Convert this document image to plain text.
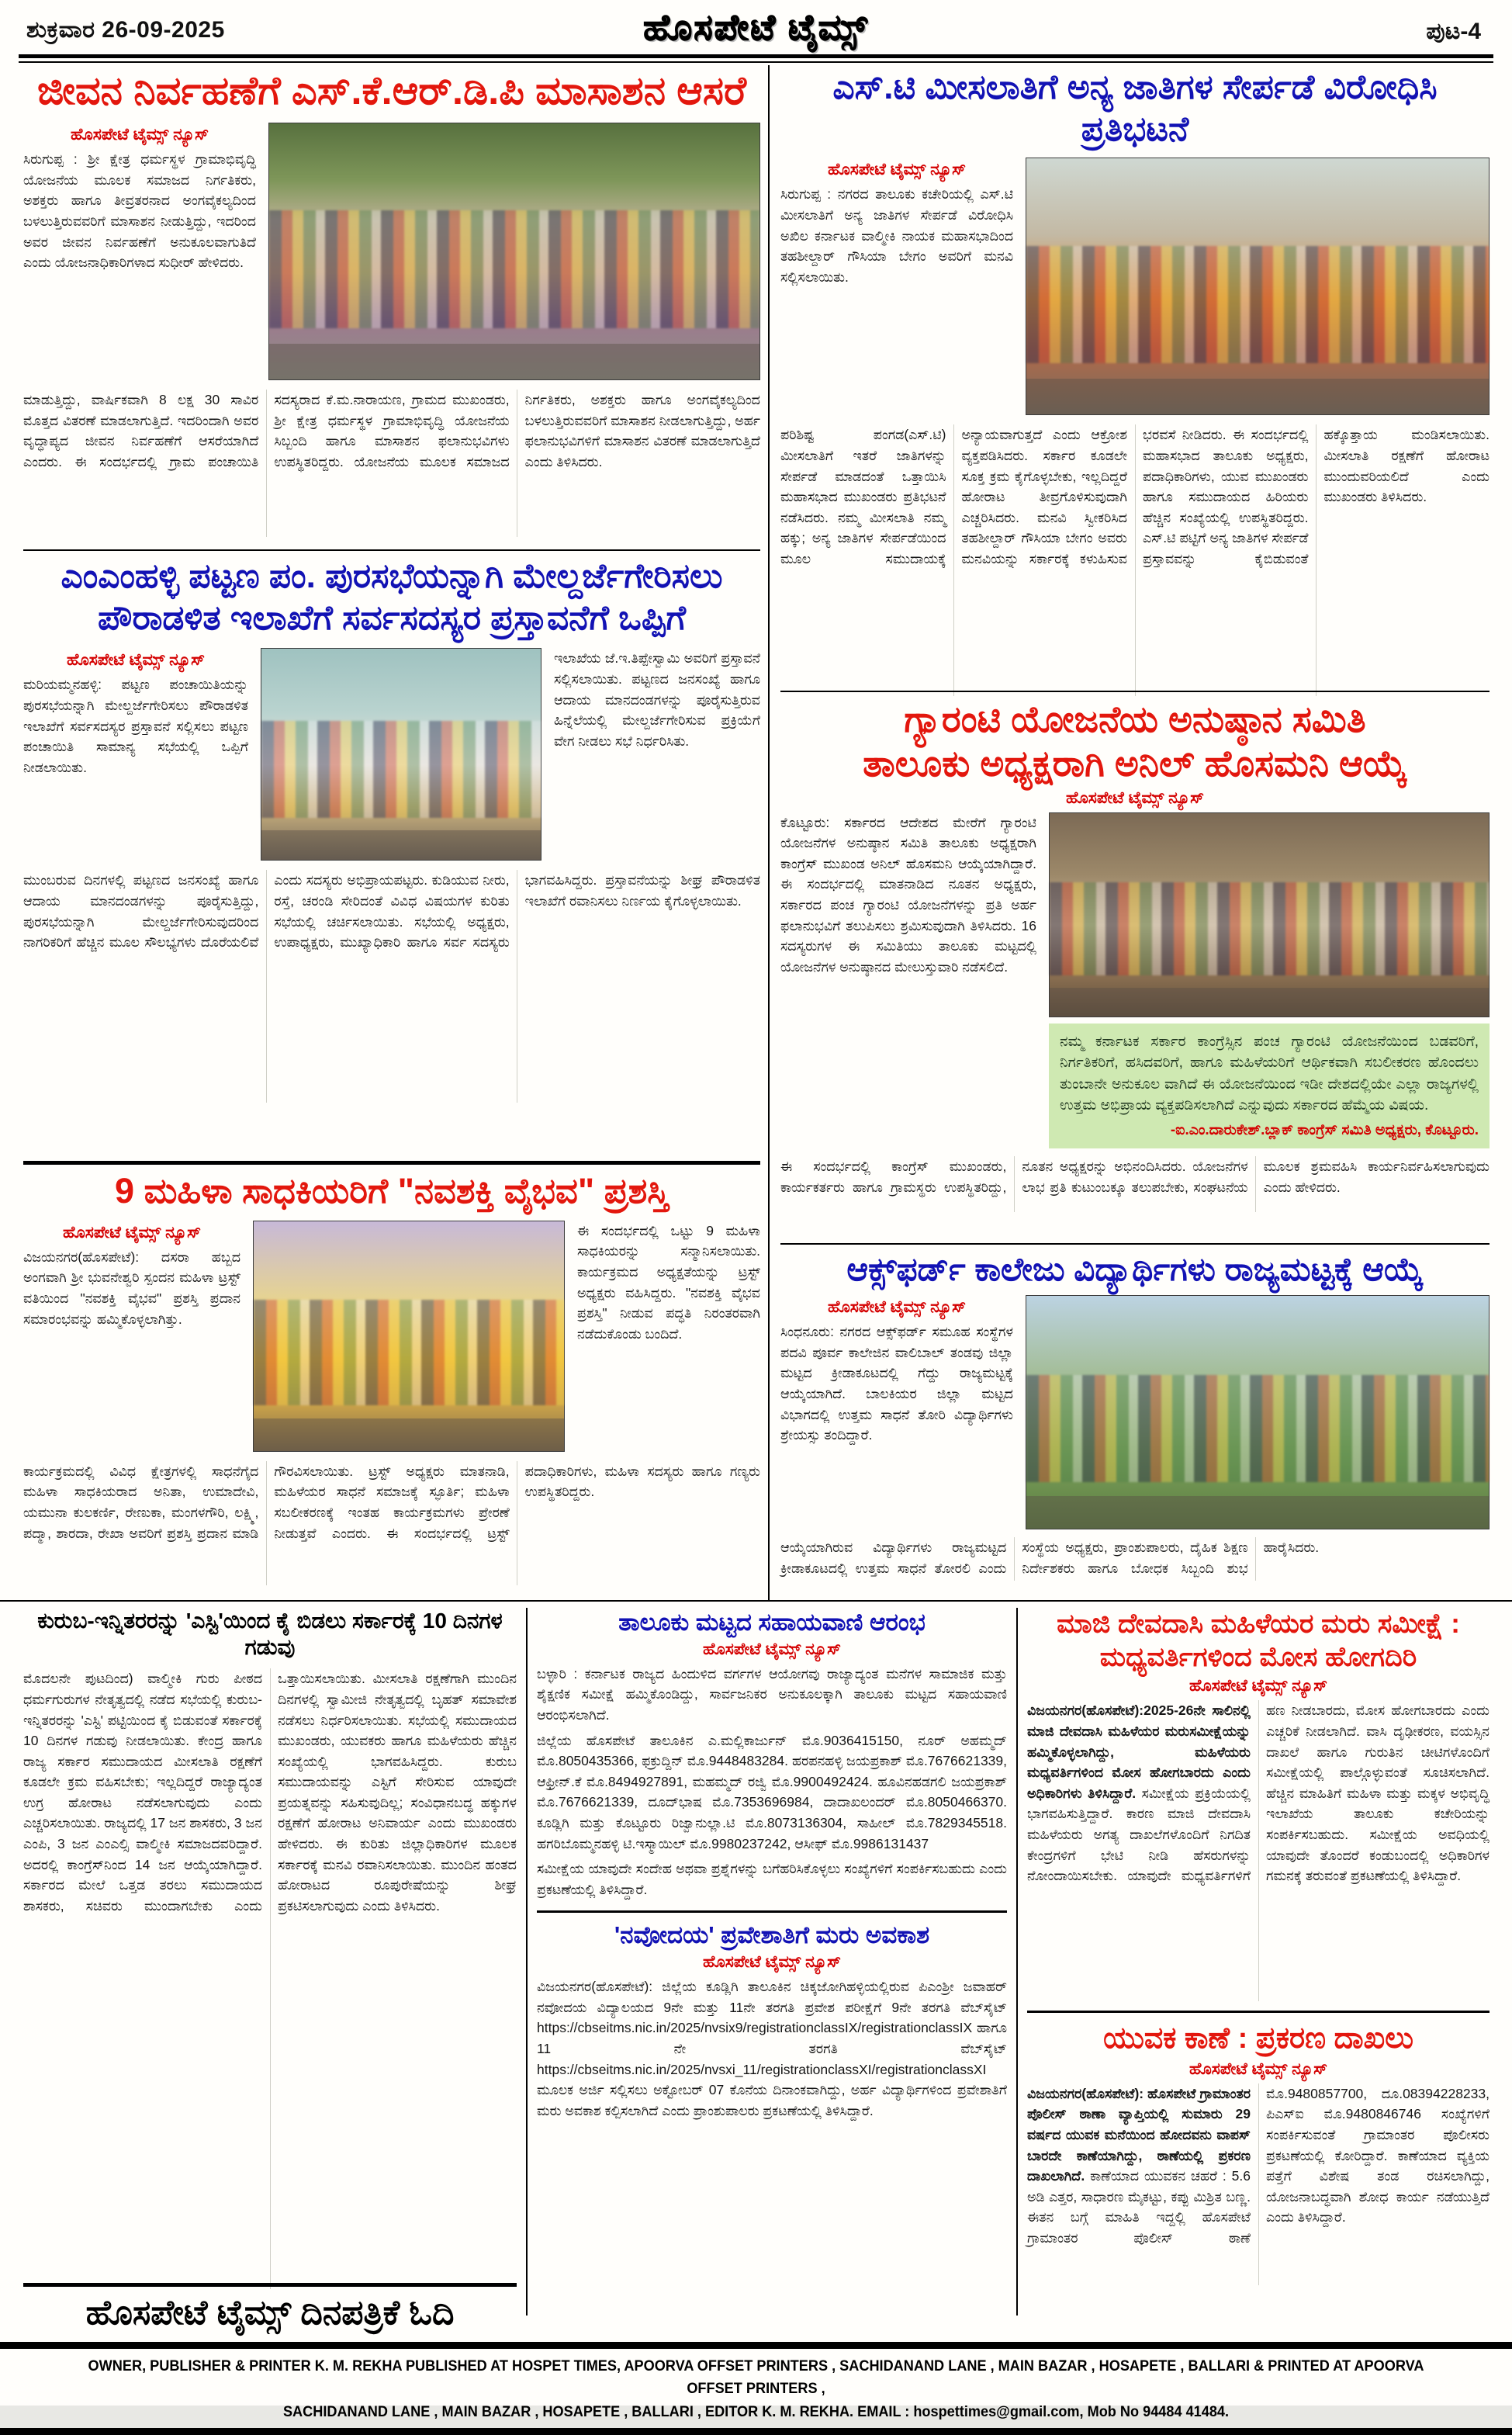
ಶುಕ್ರವಾರ 26-09-2025	ಹೊಸಪೇಟೆ ಟೈಮ್ಸ್	ಪುಟ-4
ಜೀವನ ನಿರ್ವಹಣೆಗೆ ಎಸ್.ಕೆ.ಆರ್.ಡಿ.ಪಿ ಮಾಸಾಶನ ಆಸರೆ
ಹೊಸಪೇಟೆ ಟೈಮ್ಸ್ ನ್ಯೂಸ್
ಸಿರುಗುಪ್ಪ : ಶ್ರೀ ಕ್ಷೇತ್ರ ಧರ್ಮಸ್ಥಳ ಗ್ರಾಮಾಭಿವೃದ್ಧಿ ಯೋಜನೆಯ ಮೂಲಕ ಸಮಾಜದ ನಿರ್ಗತಿಕರು, ಅಶಕ್ತರು ಹಾಗೂ ತೀವ್ರತರನಾದ ಅಂಗವೈಕಲ್ಯದಿಂದ ಬಳಲುತ್ತಿರುವವರಿಗೆ ಮಾಸಾಶನ ನೀಡುತ್ತಿದ್ದು, ಇದರಿಂದ ಅವರ ಜೀವನ ನಿರ್ವಹಣೆಗೆ ಅನುಕೂಲವಾಗುತಿದೆ ಎಂದು ಯೋಜನಾಧಿಕಾರಿಗಳಾದ ಸುಧೀರ್ ಹೇಳಿದರು.
ಮಾಡುತ್ತಿದ್ದು, ವಾರ್ಷಿಕವಾಗಿ 8 ಲಕ್ಷ 30 ಸಾವಿರ ಮೊತ್ತದ ವಿತರಣೆ ಮಾಡಲಾಗುತ್ತಿದೆ. ಇದರಿಂದಾಗಿ ಅವರ ವೃದ್ಧಾಪ್ಯದ ಜೀವನ ನಿರ್ವಹಣೆಗೆ ಆಸರೆಯಾಗಿದೆ ಎಂದರು. ಈ ಸಂದರ್ಭದಲ್ಲಿ ಗ್ರಾಮ ಪಂಚಾಯಿತಿ ಸದಸ್ಯರಾದ ಕೆ.ಮ.ನಾರಾಯಣ, ಗ್ರಾಮದ ಮುಖಂಡರು, ಶ್ರೀ ಕ್ಷೇತ್ರ ಧರ್ಮಸ್ಥಳ ಗ್ರಾಮಾಭಿವೃದ್ಧಿ ಯೋಜನೆಯ ಸಿಬ್ಬಂದಿ ಹಾಗೂ ಮಾಸಾಶನ ಫಲಾನುಭವಿಗಳು ಉಪಸ್ಥಿತರಿದ್ದರು. ಯೋಜನೆಯ ಮೂಲಕ ಸಮಾಜದ ನಿರ್ಗತಿಕರು, ಅಶಕ್ತರು ಹಾಗೂ ಅಂಗವೈಕಲ್ಯದಿಂದ ಬಳಲುತ್ತಿರುವವರಿಗೆ ಮಾಸಾಶನ ನೀಡಲಾಗುತ್ತಿದ್ದು, ಅರ್ಹ ಫಲಾನುಭವಿಗಳಿಗೆ ಮಾಸಾಶನ ವಿತರಣೆ ಮಾಡಲಾಗುತ್ತಿದೆ ಎಂದು ತಿಳಿಸಿದರು.
ಎಸ್.ಟಿ ಮೀಸಲಾತಿಗೆ ಅನ್ಯ ಜಾತಿಗಳ ಸೇರ್ಪಡೆ ವಿರೋಧಿಸಿ ಪ್ರತಿಭಟನೆ
ಹೊಸಪೇಟೆ ಟೈಮ್ಸ್ ನ್ಯೂಸ್
ಸಿರುಗುಪ್ಪ : ನಗರದ ತಾಲೂಕು ಕಚೇರಿಯಲ್ಲಿ ಎಸ್.ಟಿ ಮೀಸಲಾತಿಗೆ ಅನ್ಯ ಜಾತಿಗಳ ಸೇರ್ಪಡೆ ವಿರೋಧಿಸಿ ಅಖಿಲ ಕರ್ನಾಟಕ ವಾಲ್ಮೀಕಿ ನಾಯಕ ಮಹಾಸಭಾದಿಂದ ತಹಶೀಲ್ದಾರ್ ಗೌಸಿಯಾ ಬೇಗಂ ಅವರಿಗೆ ಮನವಿ ಸಲ್ಲಿಸಲಾಯಿತು.
ಪರಿಶಿಷ್ಟ ಪಂಗಡ(ಎಸ್.ಟಿ) ಮೀಸಲಾತಿಗೆ ಇತರೆ ಜಾತಿಗಳನ್ನು ಸೇರ್ಪಡೆ ಮಾಡದಂತೆ ಒತ್ತಾಯಿಸಿ ಮಹಾಸಭಾದ ಮುಖಂಡರು ಪ್ರತಿಭಟನೆ ನಡೆಸಿದರು. ನಮ್ಮ ಮೀಸಲಾತಿ ನಮ್ಮ ಹಕ್ಕು; ಅನ್ಯ ಜಾತಿಗಳ ಸೇರ್ಪಡೆಯಿಂದ ಮೂಲ ಸಮುದಾಯಕ್ಕೆ ಅನ್ಯಾಯವಾಗುತ್ತದೆ ಎಂದು ಆಕ್ರೋಶ ವ್ಯಕ್ತಪಡಿಸಿದರು. ಸರ್ಕಾರ ಕೂಡಲೇ ಸೂಕ್ತ ಕ್ರಮ ಕೈಗೊಳ್ಳಬೇಕು, ಇಲ್ಲದಿದ್ದರೆ ಹೋರಾಟ ತೀವ್ರಗೊಳಿಸುವುದಾಗಿ ಎಚ್ಚರಿಸಿದರು. ಮನವಿ ಸ್ವೀಕರಿಸಿದ ತಹಶೀಲ್ದಾರ್ ಗೌಸಿಯಾ ಬೇಗಂ ಅವರು ಮನವಿಯನ್ನು ಸರ್ಕಾರಕ್ಕೆ ಕಳುಹಿಸುವ ಭರವಸೆ ನೀಡಿದರು. ಈ ಸಂದರ್ಭದಲ್ಲಿ ಮಹಾಸಭಾದ ತಾಲೂಕು ಅಧ್ಯಕ್ಷರು, ಪದಾಧಿಕಾರಿಗಳು, ಯುವ ಮುಖಂಡರು ಹಾಗೂ ಸಮುದಾಯದ ಹಿರಿಯರು ಹೆಚ್ಚಿನ ಸಂಖ್ಯೆಯಲ್ಲಿ ಉಪಸ್ಥಿತರಿದ್ದರು. ಎಸ್.ಟಿ ಪಟ್ಟಿಗೆ ಅನ್ಯ ಜಾತಿಗಳ ಸೇರ್ಪಡೆ ಪ್ರಸ್ತಾವವನ್ನು ಕೈಬಿಡುವಂತೆ ಹಕ್ಕೊತ್ತಾಯ ಮಂಡಿಸಲಾಯಿತು. ಮೀಸಲಾತಿ ರಕ್ಷಣೆಗೆ ಹೋರಾಟ ಮುಂದುವರಿಯಲಿದೆ ಎಂದು ಮುಖಂಡರು ತಿಳಿಸಿದರು.
ಎಂಎಂಹಳ್ಳಿ ಪಟ್ಟಣ ಪಂ. ಪುರಸಭೆಯನ್ನಾಗಿ ಮೇಲ್ದರ್ಜೆಗೇರಿಸಲು
ಪೌರಾಡಳಿತ ಇಲಾಖೆಗೆ ಸರ್ವಸದಸ್ಯರ ಪ್ರಸ್ತಾವನೆಗೆ ಒಪ್ಪಿಗೆ
ಹೊಸಪೇಟೆ ಟೈಮ್ಸ್ ನ್ಯೂಸ್
ಮರಿಯಮ್ಮನಹಳ್ಳಿ: ಪಟ್ಟಣ ಪಂಚಾಯಿತಿಯನ್ನು ಪುರಸಭೆಯನ್ನಾಗಿ ಮೇಲ್ದರ್ಜೆಗೇರಿಸಲು ಪೌರಾಡಳಿತ ಇಲಾಖೆಗೆ ಸರ್ವಸದಸ್ಯರ ಪ್ರಸ್ತಾವನೆ ಸಲ್ಲಿಸಲು ಪಟ್ಟಣ ಪಂಚಾಯಿತಿ ಸಾಮಾನ್ಯ ಸಭೆಯಲ್ಲಿ ಒಪ್ಪಿಗೆ ನೀಡಲಾಯಿತು.
ಇಲಾಖೆಯ ಜೆ.ಇ.ತಿಪ್ಪೇಸ್ವಾಮಿ ಅವರಿಗೆ ಪ್ರಸ್ತಾವನೆ ಸಲ್ಲಿಸಲಾಯಿತು. ಪಟ್ಟಣದ ಜನಸಂಖ್ಯೆ ಹಾಗೂ ಆದಾಯ ಮಾನದಂಡಗಳನ್ನು ಪೂರೈಸುತ್ತಿರುವ ಹಿನ್ನೆಲೆಯಲ್ಲಿ ಮೇಲ್ದರ್ಜೆಗೇರಿಸುವ ಪ್ರಕ್ರಿಯೆಗೆ ವೇಗ ನೀಡಲು ಸಭೆ ನಿರ್ಧರಿಸಿತು.
ಮುಂಬರುವ ದಿನಗಳಲ್ಲಿ ಪಟ್ಟಣದ ಜನಸಂಖ್ಯೆ ಹಾಗೂ ಆದಾಯ ಮಾನದಂಡಗಳನ್ನು ಪೂರೈಸುತ್ತಿದ್ದು, ಪುರಸಭೆಯನ್ನಾಗಿ ಮೇಲ್ದರ್ಜೆಗೇರಿಸುವುದರಿಂದ ನಾಗರಿಕರಿಗೆ ಹೆಚ್ಚಿನ ಮೂಲ ಸೌಲಭ್ಯಗಳು ದೊರೆಯಲಿವೆ ಎಂದು ಸದಸ್ಯರು ಅಭಿಪ್ರಾಯಪಟ್ಟರು. ಕುಡಿಯುವ ನೀರು, ರಸ್ತೆ, ಚರಂಡಿ ಸೇರಿದಂತೆ ವಿವಿಧ ವಿಷಯಗಳ ಕುರಿತು ಸಭೆಯಲ್ಲಿ ಚರ್ಚಿಸಲಾಯಿತು. ಸಭೆಯಲ್ಲಿ ಅಧ್ಯಕ್ಷರು, ಉಪಾಧ್ಯಕ್ಷರು, ಮುಖ್ಯಾಧಿಕಾರಿ ಹಾಗೂ ಸರ್ವ ಸದಸ್ಯರು ಭಾಗವಹಿಸಿದ್ದರು. ಪ್ರಸ್ತಾವನೆಯನ್ನು ಶೀಘ್ರ ಪೌರಾಡಳಿತ ಇಲಾಖೆಗೆ ರವಾನಿಸಲು ನಿರ್ಣಯ ಕೈಗೊಳ್ಳಲಾಯಿತು.
ಗ್ಯಾರಂಟಿ ಯೋಜನೆಯ ಅನುಷ್ಠಾನ ಸಮಿತಿ
ತಾಲೂಕು ಅಧ್ಯಕ್ಷರಾಗಿ ಅನಿಲ್ ಹೊಸಮನಿ ಆಯ್ಕೆ
ಹೊಸಪೇಟೆ ಟೈಮ್ಸ್ ನ್ಯೂಸ್
ಕೊಟ್ಟೂರು: ಸರ್ಕಾರದ ಆದೇಶದ ಮೇರೆಗೆ ಗ್ಯಾರಂಟಿ ಯೋಜನೆಗಳ ಅನುಷ್ಠಾನ ಸಮಿತಿ ತಾಲೂಕು ಅಧ್ಯಕ್ಷರಾಗಿ ಕಾಂಗ್ರೆಸ್ ಮುಖಂಡ ಅನಿಲ್ ಹೊಸಮನಿ ಆಯ್ಕೆಯಾಗಿದ್ದಾರೆ. ಈ ಸಂದರ್ಭದಲ್ಲಿ ಮಾತನಾಡಿದ ನೂತನ ಅಧ್ಯಕ್ಷರು, ಸರ್ಕಾರದ ಪಂಚ ಗ್ಯಾರಂಟಿ ಯೋಜನೆಗಳನ್ನು ಪ್ರತಿ ಅರ್ಹ ಫಲಾನುಭವಿಗೆ ತಲುಪಿಸಲು ಶ್ರಮಿಸುವುದಾಗಿ ತಿಳಿಸಿದರು. 16 ಸದಸ್ಯರುಗಳ ಈ ಸಮಿತಿಯು ತಾಲೂಕು ಮಟ್ಟದಲ್ಲಿ ಯೋಜನೆಗಳ ಅನುಷ್ಠಾನದ ಮೇಲುಸ್ತುವಾರಿ ನಡೆಸಲಿದೆ.
ನಮ್ಮ ಕರ್ನಾಟಕ ಸರ್ಕಾರ ಕಾಂಗ್ರೆಸ್ಸಿನ ಪಂಚ ಗ್ಯಾರಂಟಿ ಯೋಜನೆಯಿಂದ ಬಡವರಿಗೆ, ನಿರ್ಗತಿಕರಿಗೆ, ಹಸಿದವರಿಗೆ, ಹಾಗೂ ಮಹಿಳೆಯರಿಗೆ ಆರ್ಥಿಕವಾಗಿ ಸಬಲೀಕರಣ ಹೊಂದಲು ತುಂಬಾನೇ ಅನುಕೂಲ ವಾಗಿದೆ ಈ ಯೋಜನೆಯಿಂದ ಇಡೀ ದೇಶದಲ್ಲಿಯೇ ಎಲ್ಲಾ ರಾಜ್ಯಗಳಲ್ಲಿ ಉತ್ತಮ ಅಭಿಪ್ರಾಯ ವ್ಯಕ್ತಪಡಿಸಲಾಗಿದೆ ಎನ್ನುವುದು ಸರ್ಕಾರದ ಹೆಮ್ಮೆಯ ವಿಷಯ.
-ಐ.ಎಂ.ದಾರುಕೇಶ್.ಬ್ಲಾಕ್ ಕಾಂಗ್ರೆಸ್ ಸಮಿತಿ ಅಧ್ಯಕ್ಷರು, ಕೊಟ್ಟೂರು.
ಈ ಸಂದರ್ಭದಲ್ಲಿ ಕಾಂಗ್ರೆಸ್ ಮುಖಂಡರು, ಕಾರ್ಯಕರ್ತರು ಹಾಗೂ ಗ್ರಾಮಸ್ಥರು ಉಪಸ್ಥಿತರಿದ್ದು, ನೂತನ ಅಧ್ಯಕ್ಷರನ್ನು ಅಭಿನಂದಿಸಿದರು. ಯೋಜನೆಗಳ ಲಾಭ ಪ್ರತಿ ಕುಟುಂಬಕ್ಕೂ ತಲುಪಬೇಕು, ಸಂಘಟನೆಯ ಮೂಲಕ ಶ್ರಮವಹಿಸಿ ಕಾರ್ಯನಿರ್ವಹಿಸಲಾಗುವುದು ಎಂದು ಹೇಳಿದರು.
9 ಮಹಿಳಾ ಸಾಧಕಿಯರಿಗೆ "ನವಶಕ್ತಿ ವೈಭವ" ಪ್ರಶಸ್ತಿ
ಹೊಸಪೇಟೆ ಟೈಮ್ಸ್ ನ್ಯೂಸ್
ವಿಜಯನಗರ(ಹೊಸಪೇಟೆ): ದಸರಾ ಹಬ್ಬದ ಅಂಗವಾಗಿ ಶ್ರೀ ಭುವನೇಶ್ವರಿ ಸ್ಪಂದನ ಮಹಿಳಾ ಟ್ರಸ್ಟ್ ವತಿಯಿಂದ "ನವಶಕ್ತಿ ವೈಭವ" ಪ್ರಶಸ್ತಿ ಪ್ರದಾನ ಸಮಾರಂಭವನ್ನು ಹಮ್ಮಿಕೊಳ್ಳಲಾಗಿತ್ತು.
ಈ ಸಂದರ್ಭದಲ್ಲಿ ಒಟ್ಟು 9 ಮಹಿಳಾ ಸಾಧಕಿಯರನ್ನು ಸನ್ಮಾನಿಸಲಾಯಿತು. ಕಾರ್ಯಕ್ರಮದ ಅಧ್ಯಕ್ಷತೆಯನ್ನು ಟ್ರಸ್ಟ್ ಅಧ್ಯಕ್ಷರು ವಹಿಸಿದ್ದರು. "ನವಶಕ್ತಿ ವೈಭವ ಪ್ರಶಸ್ತಿ" ನೀಡುವ ಪದ್ಧತಿ ನಿರಂತರವಾಗಿ ನಡೆದುಕೊಂಡು ಬಂದಿದೆ.
ಕಾರ್ಯಕ್ರಮದಲ್ಲಿ ವಿವಿಧ ಕ್ಷೇತ್ರಗಳಲ್ಲಿ ಸಾಧನೆಗೈದ ಮಹಿಳಾ ಸಾಧಕಿಯರಾದ ಅನಿತಾ, ಉಮಾದೇವಿ, ಯಮುನಾ ಕುಲಕರ್ಣಿ, ರೇಣುಕಾ, ಮಂಗಳಗೌರಿ, ಲಕ್ಷ್ಮಿ, ಪದ್ಮಾ, ಶಾರದಾ, ರೇಖಾ ಅವರಿಗೆ ಪ್ರಶಸ್ತಿ ಪ್ರದಾನ ಮಾಡಿ ಗೌರವಿಸಲಾಯಿತು. ಟ್ರಸ್ಟ್ ಅಧ್ಯಕ್ಷರು ಮಾತನಾಡಿ, ಮಹಿಳೆಯರ ಸಾಧನೆ ಸಮಾಜಕ್ಕೆ ಸ್ಫೂರ್ತಿ; ಮಹಿಳಾ ಸಬಲೀಕರಣಕ್ಕೆ ಇಂತಹ ಕಾರ್ಯಕ್ರಮಗಳು ಪ್ರೇರಣೆ ನೀಡುತ್ತವೆ ಎಂದರು. ಈ ಸಂದರ್ಭದಲ್ಲಿ ಟ್ರಸ್ಟ್ ಪದಾಧಿಕಾರಿಗಳು, ಮಹಿಳಾ ಸದಸ್ಯರು ಹಾಗೂ ಗಣ್ಯರು ಉಪಸ್ಥಿತರಿದ್ದರು.
ಆಕ್ಸ್‌ಫರ್ಡ್ ಕಾಲೇಜು ವಿದ್ಯಾರ್ಥಿಗಳು ರಾಜ್ಯಮಟ್ಟಕ್ಕೆ ಆಯ್ಕೆ
ಹೊಸಪೇಟೆ ಟೈಮ್ಸ್ ನ್ಯೂಸ್
ಸಿಂಧನೂರು: ನಗರದ ಆಕ್ಸ್‌ಫರ್ಡ್ ಸಮೂಹ ಸಂಸ್ಥೆಗಳ ಪದವಿ ಪೂರ್ವ ಕಾಲೇಜಿನ ವಾಲಿಬಾಲ್ ತಂಡವು ಜಿಲ್ಲಾ ಮಟ್ಟದ ಕ್ರೀಡಾಕೂಟದಲ್ಲಿ ಗೆದ್ದು ರಾಜ್ಯಮಟ್ಟಕ್ಕೆ ಆಯ್ಕೆಯಾಗಿದೆ. ಬಾಲಕಿಯರ ಜಿಲ್ಲಾ ಮಟ್ಟದ ವಿಭಾಗದಲ್ಲಿ ಉತ್ತಮ ಸಾಧನೆ ತೋರಿ ವಿದ್ಯಾರ್ಥಿಗಳು ಶ್ರೇಯಸ್ಸು ತಂದಿದ್ದಾರೆ.
ಆಯ್ಕೆಯಾಗಿರುವ ವಿದ್ಯಾರ್ಥಿಗಳು ರಾಜ್ಯಮಟ್ಟದ ಕ್ರೀಡಾಕೂಟದಲ್ಲಿ ಉತ್ತಮ ಸಾಧನೆ ತೋರಲಿ ಎಂದು ಸಂಸ್ಥೆಯ ಅಧ್ಯಕ್ಷರು, ಪ್ರಾಂಶುಪಾಲರು, ದೈಹಿಕ ಶಿಕ್ಷಣ ನಿರ್ದೇಶಕರು ಹಾಗೂ ಬೋಧಕ ಸಿಬ್ಬಂದಿ ಶುಭ ಹಾರೈಸಿದರು.
ಕುರುಬ-ಇನ್ನಿತರರನ್ನು 'ಎಸ್ಟಿ'ಯಿಂದ ಕೈ ಬಿಡಲು ಸರ್ಕಾರಕ್ಕೆ 10 ದಿನಗಳ ಗಡುವು
ಮೊದಲನೇ ಪುಟದಿಂದ) ವಾಲ್ಮೀಕಿ ಗುರು ಪೀಠದ ಧರ್ಮಗುರುಗಳ ನೇತೃತ್ವದಲ್ಲಿ ನಡೆದ ಸಭೆಯಲ್ಲಿ ಕುರುಬ-ಇನ್ನಿತರರನ್ನು 'ಎಸ್ಟಿ' ಪಟ್ಟಿಯಿಂದ ಕೈ ಬಿಡುವಂತೆ ಸರ್ಕಾರಕ್ಕೆ 10 ದಿನಗಳ ಗಡುವು ನೀಡಲಾಯಿತು. ಕೇಂದ್ರ ಹಾಗೂ ರಾಜ್ಯ ಸರ್ಕಾರ ಸಮುದಾಯದ ಮೀಸಲಾತಿ ರಕ್ಷಣೆಗೆ ಕೂಡಲೇ ಕ್ರಮ ವಹಿಸಬೇಕು; ಇಲ್ಲದಿದ್ದರೆ ರಾಜ್ಯಾದ್ಯಂತ ಉಗ್ರ ಹೋರಾಟ ನಡೆಸಲಾಗುವುದು ಎಂದು ಎಚ್ಚರಿಸಲಾಯಿತು. ರಾಜ್ಯದಲ್ಲಿ 17 ಜನ ಶಾಸಕರು, 3 ಜನ ಎಂಪಿ, 3 ಜನ ಎಂಎಲ್ಸಿ ವಾಲ್ಮೀಕಿ ಸಮಾಜದವರಿದ್ದಾರೆ. ಅದರಲ್ಲಿ ಕಾಂಗ್ರೆಸ್‌ನಿಂದ 14 ಜನ ಆಯ್ಕೆಯಾಗಿದ್ದಾರೆ. ಸರ್ಕಾರದ ಮೇಲೆ ಒತ್ತಡ ತರಲು ಸಮುದಾಯದ ಶಾಸಕರು, ಸಚಿವರು ಮುಂದಾಗಬೇಕು ಎಂದು ಒತ್ತಾಯಿಸಲಾಯಿತು. ಮೀಸಲಾತಿ ರಕ್ಷಣೆಗಾಗಿ ಮುಂದಿನ ದಿನಗಳಲ್ಲಿ ಸ್ವಾಮೀಜಿ ನೇತೃತ್ವದಲ್ಲಿ ಬೃಹತ್ ಸಮಾವೇಶ ನಡೆಸಲು ನಿರ್ಧರಿಸಲಾಯಿತು. ಸಭೆಯಲ್ಲಿ ಸಮುದಾಯದ ಮುಖಂಡರು, ಯುವಕರು ಹಾಗೂ ಮಹಿಳೆಯರು ಹೆಚ್ಚಿನ ಸಂಖ್ಯೆಯಲ್ಲಿ ಭಾಗವಹಿಸಿದ್ದರು. ಕುರುಬ ಸಮುದಾಯವನ್ನು ಎಸ್ಟಿಗೆ ಸೇರಿಸುವ ಯಾವುದೇ ಪ್ರಯತ್ನವನ್ನು ಸಹಿಸುವುದಿಲ್ಲ; ಸಂವಿಧಾನಬದ್ಧ ಹಕ್ಕುಗಳ ರಕ್ಷಣೆಗೆ ಹೋರಾಟ ಅನಿವಾರ್ಯ ಎಂದು ಮುಖಂಡರು ಹೇಳಿದರು. ಈ ಕುರಿತು ಜಿಲ್ಲಾಧಿಕಾರಿಗಳ ಮೂಲಕ ಸರ್ಕಾರಕ್ಕೆ ಮನವಿ ರವಾನಿಸಲಾಯಿತು. ಮುಂದಿನ ಹಂತದ ಹೋರಾಟದ ರೂಪುರೇಷೆಯನ್ನು ಶೀಘ್ರ ಪ್ರಕಟಿಸಲಾಗುವುದು ಎಂದು ತಿಳಿಸಿದರು.
ಹೊಸಪೇಟೆ ಟೈಮ್ಸ್ ದಿನಪತ್ರಿಕೆ ಓದಿ
ತಾಲೂಕು ಮಟ್ಟದ ಸಹಾಯವಾಣಿ ಆರಂಭ
ಹೊಸಪೇಟೆ ಟೈಮ್ಸ್ ನ್ಯೂಸ್
ಬಳ್ಳಾರಿ : ಕರ್ನಾಟಕ ರಾಜ್ಯದ ಹಿಂದುಳಿದ ವರ್ಗಗಳ ಆಯೋಗವು ರಾಜ್ಯಾದ್ಯಂತ ಮನೆಗಳ ಸಾಮಾಜಿಕ ಮತ್ತು ಶೈಕ್ಷಣಿಕ ಸಮೀಕ್ಷೆ ಹಮ್ಮಿಕೊಂಡಿದ್ದು, ಸಾರ್ವಜನಿಕರ ಅನುಕೂಲಕ್ಕಾಗಿ ತಾಲೂಕು ಮಟ್ಟದ ಸಹಾಯವಾಣಿ ಆರಂಭಿಸಲಾಗಿದೆ.
ಜಿಲ್ಲೆಯ ಹೊಸಪೇಟೆ ತಾಲೂಕಿನ ಎ.ಮಲ್ಲಿಕಾರ್ಜುನ್ ಮೊ.9036415150, ನೂರ್ ಅಹಮ್ಮದ್ ಮೊ.8050435366, ಫಕ್ರುದ್ದಿನ್ ಮೊ.9448483284. ಹರಪನಹಳ್ಳಿ ಜಯಪ್ರಕಾಶ್ ಮೊ.7676621339, ಆಫ್ರೀನ್.ಕೆ ಮೊ.8494927891, ಮಹಮ್ಮದ್ ರಜ್ವಿ ಮೊ.9900492424. ಹೂವಿನಹಡಗಲಿ ಜಯಪ್ರಕಾಶ್ ಮೊ.7676621339, ದೂದ್‌ಭಾಷ ಮೊ.7353696984, ದಾದಾಖಲಂದರ್ ಮೊ.8050466370. ಕೂಡ್ಲಿಗಿ ಮತ್ತು ಕೊಟ್ಟೂರು ರಿಜ್ವಾನುಲ್ಲಾ.ಟಿ ಮೊ.8073136304, ಸಾಹೀಲ್ ಮೊ.7829345518. ಹಗರಿಬೊಮ್ಮನಹಳ್ಳಿ ಟಿ.ಇಸ್ಮಾಯಿಲ್ ಮೊ.9980237242, ಆಸೀಫ್ ಮೊ.9986131437
ಸಮೀಕ್ಷೆಯ ಯಾವುದೇ ಸಂದೇಹ ಅಥವಾ ಪ್ರಶ್ನೆಗಳನ್ನು ಬಗೆಹರಿಸಿಕೊಳ್ಳಲು ಸಂಖ್ಯೆಗಳಿಗೆ ಸಂಪರ್ಕಿಸಬಹುದು ಎಂದು ಪ್ರಕಟಣೆಯಲ್ಲಿ ತಿಳಿಸಿದ್ದಾರೆ.
'ನವೋದಯ' ಪ್ರವೇಶಾತಿಗೆ ಮರು ಅವಕಾಶ
ಹೊಸಪೇಟೆ ಟೈಮ್ಸ್ ನ್ಯೂಸ್
ವಿಜಯನಗರ(ಹೊಸಪೇಟೆ): ಜಿಲ್ಲೆಯ ಕೂಡ್ಲಿಗಿ ತಾಲೂಕಿನ ಚಿಕ್ಕಜೋಗಿಹಳ್ಳಿಯಲ್ಲಿರುವ ಪಿಎಂಶ್ರೀ ಜವಾಹರ್ ನವೋದಯ ವಿದ್ಯಾಲಯದ 9ನೇ ಮತ್ತು 11ನೇ ತರಗತಿ ಪ್ರವೇಶ ಪರೀಕ್ಷೆಗೆ 9ನೇ ತರಗತಿ ವೆಬ್‌ಸೈಟ್ https://cbseitms.nic.in/2025/nvsix9/registrationclassIX/registrationclassIX ಹಾಗೂ 11 ನೇ ತರಗತಿ ವೆಬ್‌ಸೈಟ್ https://cbseitms.nic.in/2025/nvsxi_11/registrationclassXI/registrationclassXI ಮೂಲಕ ಅರ್ಜಿ ಸಲ್ಲಿಸಲು ಅಕ್ಟೋಬರ್ 07 ಕೊನೆಯ ದಿನಾಂಕವಾಗಿದ್ದು, ಅರ್ಹ ವಿದ್ಯಾರ್ಥಿಗಳಿಂದ ಪ್ರವೇಶಾತಿಗೆ ಮರು ಅವಕಾಶ ಕಲ್ಪಿಸಲಾಗಿದೆ ಎಂದು ಪ್ರಾಂಶುಪಾಲರು ಪ್ರಕಟಣೆಯಲ್ಲಿ ತಿಳಿಸಿದ್ದಾರೆ.
ಮಾಜಿ ದೇವದಾಸಿ ಮಹಿಳೆಯರ ಮರು ಸಮೀಕ್ಷೆ :
ಮಧ್ಯವರ್ತಿಗಳಿಂದ ಮೋಸ ಹೋಗದಿರಿ
ಹೊಸಪೇಟೆ ಟೈಮ್ಸ್ ನ್ಯೂಸ್
ವಿಜಯನಗರ(ಹೊಸಪೇಟೆ):2025-26ನೇ ಸಾಲಿನಲ್ಲಿ ಮಾಜಿ ದೇವದಾಸಿ ಮಹಿಳೆಯರ ಮರುಸಮೀಕ್ಷೆಯನ್ನು ಹಮ್ಮಿಕೊಳ್ಳಲಾಗಿದ್ದು, ಮಹಿಳೆಯರು ಮಧ್ಯವರ್ತಿಗಳಿಂದ ಮೋಸ ಹೋಗಬಾರದು ಎಂದು ಅಧಿಕಾರಿಗಳು ತಿಳಿಸಿದ್ದಾರೆ. ಸಮೀಕ್ಷೆಯ ಪ್ರಕ್ರಿಯೆಯಲ್ಲಿ ಭಾಗವಹಿಸುತ್ತಿದ್ದಾರೆ. ಕಾರಣ ಮಾಜಿ ದೇವದಾಸಿ ಮಹಿಳೆಯರು ಅಗತ್ಯ ದಾಖಲೆಗಳೊಂದಿಗೆ ನಿಗದಿತ ಕೇಂದ್ರಗಳಿಗೆ ಭೇಟಿ ನೀಡಿ ಹೆಸರುಗಳನ್ನು ನೋಂದಾಯಿಸಬೇಕು. ಯಾವುದೇ ಮಧ್ಯವರ್ತಿಗಳಿಗೆ ಹಣ ನೀಡಬಾರದು, ಮೋಸ ಹೋಗಬಾರದು ಎಂದು ಎಚ್ಚರಿಕೆ ನೀಡಲಾಗಿದೆ. ವಾಸಿ ದೃಢೀಕರಣ, ವಯಸ್ಸಿನ ದಾಖಲೆ ಹಾಗೂ ಗುರುತಿನ ಚೀಟಿಗಳೊಂದಿಗೆ ಸಮೀಕ್ಷೆಯಲ್ಲಿ ಪಾಲ್ಗೊಳ್ಳುವಂತೆ ಸೂಚಿಸಲಾಗಿದೆ. ಹೆಚ್ಚಿನ ಮಾಹಿತಿಗೆ ಮಹಿಳಾ ಮತ್ತು ಮಕ್ಕಳ ಅಭಿವೃದ್ಧಿ ಇಲಾಖೆಯ ತಾಲೂಕು ಕಚೇರಿಯನ್ನು ಸಂಪರ್ಕಿಸಬಹುದು. ಸಮೀಕ್ಷೆಯ ಅವಧಿಯಲ್ಲಿ ಯಾವುದೇ ತೊಂದರೆ ಕಂಡುಬಂದಲ್ಲಿ ಅಧಿಕಾರಿಗಳ ಗಮನಕ್ಕೆ ತರುವಂತೆ ಪ್ರಕಟಣೆಯಲ್ಲಿ ತಿಳಿಸಿದ್ದಾರೆ.
ಯುವಕ ಕಾಣೆ : ಪ್ರಕರಣ ದಾಖಲು
ಹೊಸಪೇಟೆ ಟೈಮ್ಸ್ ನ್ಯೂಸ್
ವಿಜಯನಗರ(ಹೊಸಪೇಟೆ): ಹೊಸಪೇಟೆ ಗ್ರಾಮಾಂತರ ಪೊಲೀಸ್ ಠಾಣಾ ವ್ಯಾಪ್ತಿಯಲ್ಲಿ ಸುಮಾರು 29 ವರ್ಷದ ಯುವಕ ಮನೆಯಿಂದ ಹೋದವನು ವಾಪಸ್ ಬಾರದೇ ಕಾಣೆಯಾಗಿದ್ದು, ಠಾಣೆಯಲ್ಲಿ ಪ್ರಕರಣ ದಾಖಲಾಗಿದೆ. ಕಾಣೆಯಾದ ಯುವಕನ ಚಹರೆ : 5.6 ಅಡಿ ಎತ್ತರ, ಸಾಧಾರಣ ಮೈಕಟ್ಟು, ಕಪ್ಪು ಮಿಶ್ರಿತ ಬಣ್ಣ. ಈತನ ಬಗ್ಗೆ ಮಾಹಿತಿ ಇದ್ದಲ್ಲಿ ಹೊಸಪೇಟೆ ಗ್ರಾಮಾಂತರ ಪೊಲೀಸ್ ಠಾಣೆ ಮೊ.9480857700, ದೂ.08394228233, ಪಿಎಸ್ಐ ಮೊ.9480846746 ಸಂಖ್ಯೆಗಳಿಗೆ ಸಂಪರ್ಕಿಸುವಂತೆ ಗ್ರಾಮಾಂತರ ಪೊಲೀಸರು ಪ್ರಕಟಣೆಯಲ್ಲಿ ಕೋರಿದ್ದಾರೆ. ಕಾಣೆಯಾದ ವ್ಯಕ್ತಿಯ ಪತ್ತೆಗೆ ವಿಶೇಷ ತಂಡ ರಚಿಸಲಾಗಿದ್ದು, ಯೋಜನಾಬದ್ಧವಾಗಿ ಶೋಧ ಕಾರ್ಯ ನಡೆಯುತ್ತಿದೆ ಎಂದು ತಿಳಿಸಿದ್ದಾರೆ.
OWNER, PUBLISHER & PRINTER K. M. REKHA PUBLISHED AT HOSPET TIMES, APOORVA OFFSET PRINTERS , SACHIDANAND LANE , MAIN BAZAR , HOSAPETE , BALLARI & PRINTED AT APOORVA OFFSET PRINTERS ,
SACHIDANAND LANE , MAIN BAZAR , HOSAPETE , BALLARI , EDITOR K. M. REKHA. EMAIL : hospettimes@gmail.com, Mob No 94484 41484.
